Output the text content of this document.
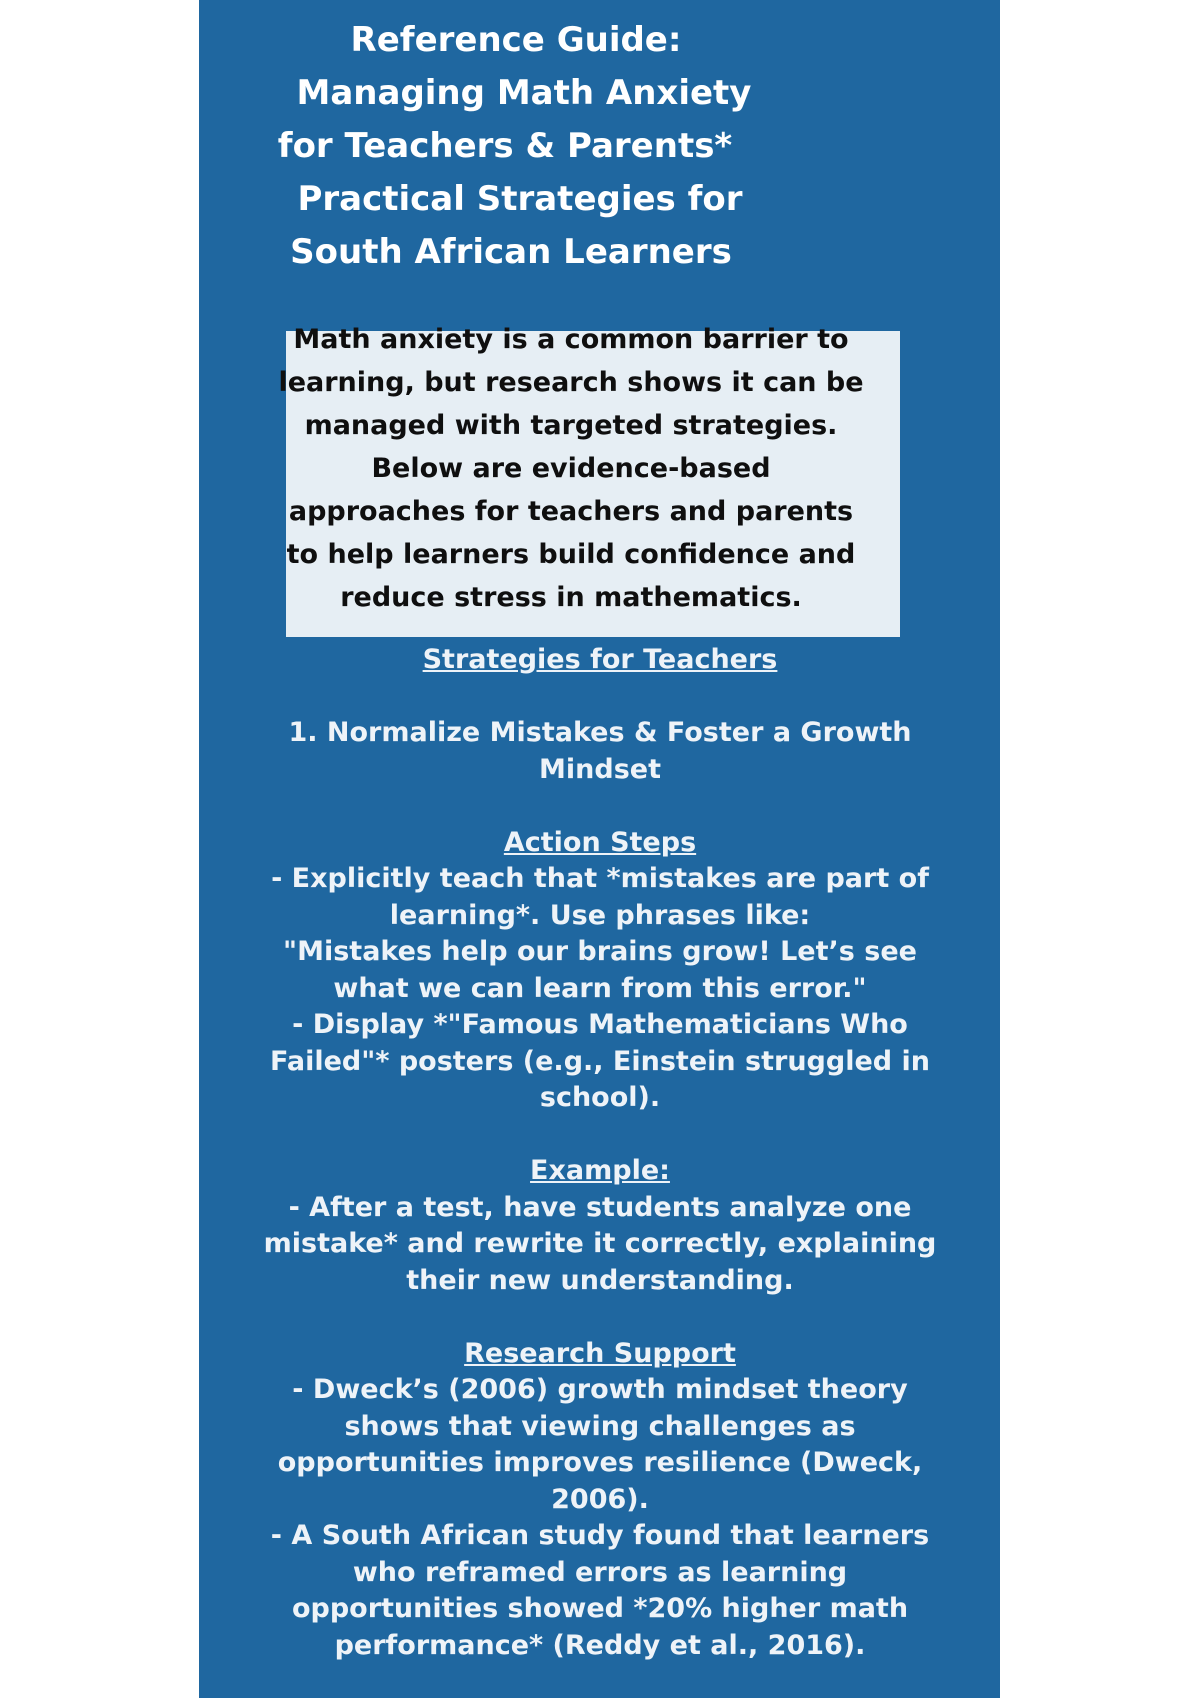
Reference Guide:
Managing Math Anxiety
for Teachers & Parents*
Practical Strategies for
South African Learners

Math anxiety is a common barrier to
learning, but research shows it can be
managed with targeted strategies.
Below are evidence-based
approaches for teachers and parents
to help learners build confidence and
reduce stress in mathematics.

Strategies for Teachers

1. Normalize Mistakes & Foster a Growth
Mindset

Action Steps

- Explicitly teach that *mistakes are part of
learning*. Use phrases like:
"Mistakes help our brains grow! Let’s see
what we can learn from this error."
- Display *"Famous Mathematicians Who
Failed"* posters (e.g., Einstein struggled in
school).

Example:

- After a test, have students analyze one
mistake* and rewrite it correctly, explaining
their new understanding.

Research Support

- Dweck’s (2006) growth mindset theory
shows that viewing challenges as
opportunities improves resilience (Dweck,
2006).
- A South African study found that learners
who reframed errors as learning
opportunities showed *20% higher math
performance* (Reddy et al., 2016).
